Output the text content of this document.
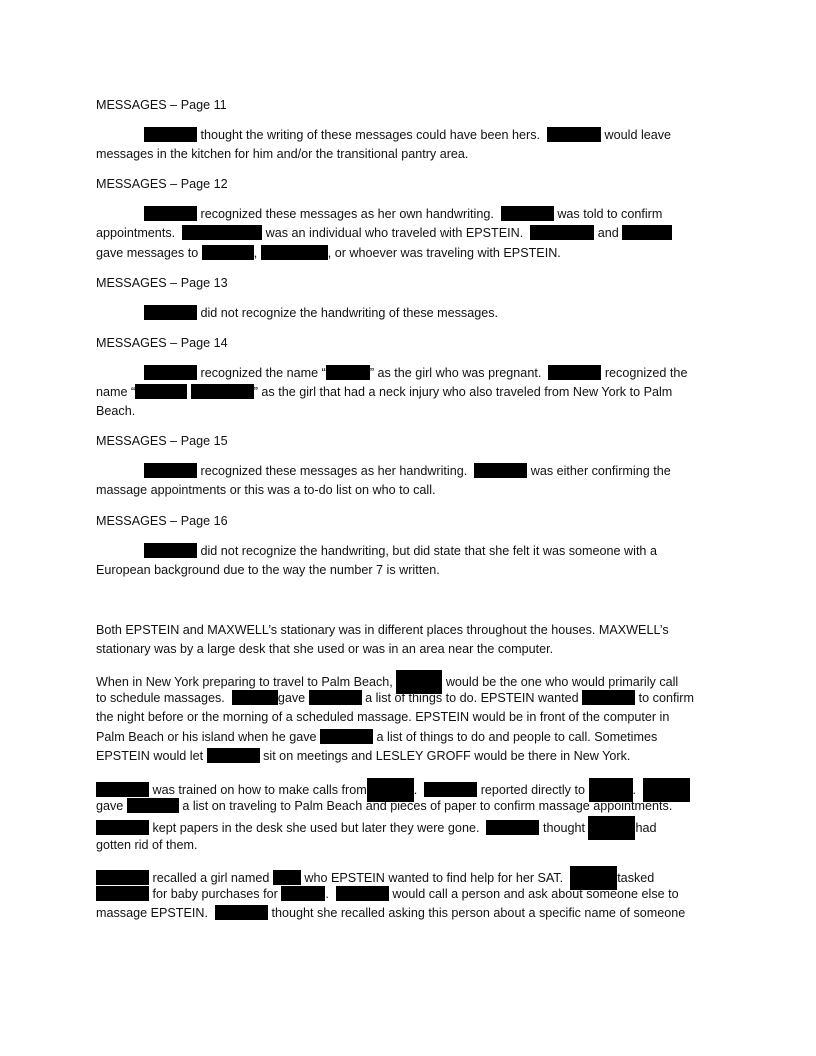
MESSAGES – Page 11
thought the writing of these messages could have been hers.	would leave
messages in the kitchen for him and/or the transitional pantry area.
MESSAGES – Page 12
recognized these messages as her own handwriting.	was told to confirm
appointments.	was an individual who traveled with EPSTEIN.	and
gave messages to	,	, or whoever was traveling with EPSTEIN.
MESSAGES – Page 13
did not recognize the handwriting of these messages.
MESSAGES – Page 14
recognized the name “	” as the girl who was pregnant.	recognized the
name “	” as the girl that had a neck injury who also traveled from New York to Palm
Beach.
MESSAGES – Page 15
recognized these messages as her handwriting.	was either confirming the
massage appointments or this was a to-do list on who to call.
MESSAGES – Page 16
did not recognize the handwriting, but did state that she felt it was someone with a
European background due to the way the number 7 is written.
Both EPSTEIN and MAXWELL’s stationary was in different places throughout the houses. MAXWELL’s
stationary was by a large desk that she used or was in an area near the computer.
When in New York preparing to travel to Palm Beach,	would be the one who would primarily call
to schedule massages.	gave	a list of things to do. EPSTEIN wanted	to confirm
the night before or the morning of a scheduled massage. EPSTEIN would be in front of the computer in
Palm Beach or his island when he gave	a list of things to do and people to call. Sometimes
EPSTEIN would let	sit on meetings and LESLEY GROFF would be there in New York.
was trained on how to make calls from	.	reported directly to	.
gave	a list on traveling to Palm Beach and pieces of paper to confirm massage appointments.
kept papers in the desk she used but later they were gone.	thought	had
gotten rid of them.
recalled a girl named	who EPSTEIN wanted to find help for her SAT.	tasked
for baby purchases for	.	would call a person and ask about someone else to
massage EPSTEIN.	thought she recalled asking this person about a specific name of someone
